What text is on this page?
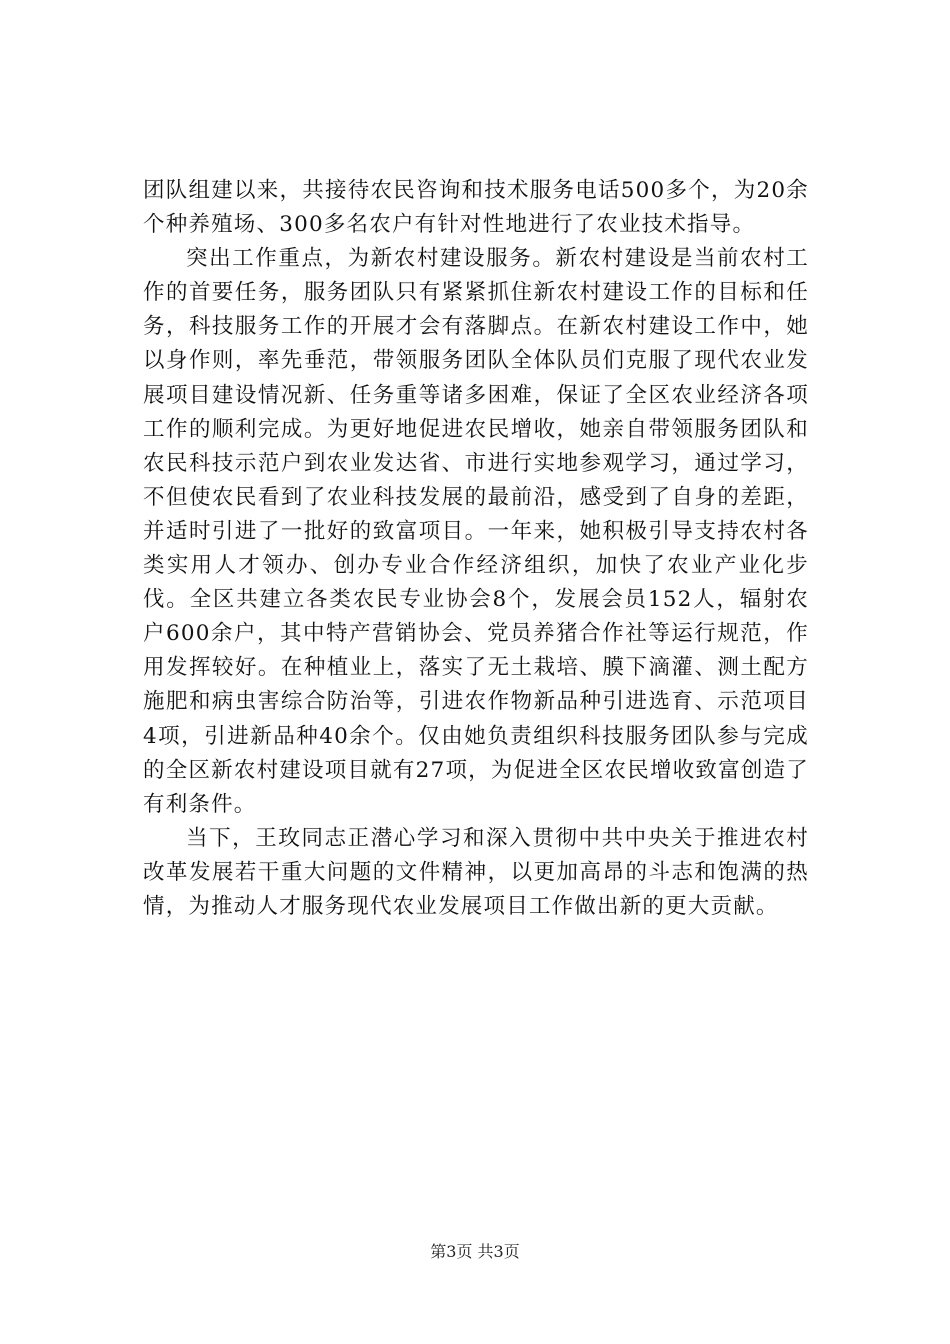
团队组建以来，共接待农民咨询和技术服务电话500多个，为20余个种养殖场、300多名农户有针对性地进行了农业技术指导。

突出工作重点，为新农村建设服务。新农村建设是当前农村工作的首要任务，服务团队只有紧紧抓住新农村建设工作的目标和任务，科技服务工作的开展才会有落脚点。在新农村建设工作中，她以身作则，率先垂范，带领服务团队全体队员们克服了现代农业发展项目建设情况新、任务重等诸多困难，保证了全区农业经济各项工作的顺利完成。为更好地促进农民增收，她亲自带领服务团队和农民科技示范户到农业发达省、市进行实地参观学习，通过学习，不但使农民看到了农业科技发展的最前沿，感受到了自身的差距，并适时引进了一批好的致富项目。一年来，她积极引导支持农村各类实用人才领办、创办专业合作经济组织，加快了农业产业化步伐。全区共建立各类农民专业协会8个，发展会员152人，辐射农户600余户，其中特产营销协会、党员养猪合作社等运行规范，作用发挥较好。在种植业上，落实了无土栽培、膜下滴灌、测土配方施肥和病虫害综合防治等，引进农作物新品种引进选育、示范项目4项，引进新品种40余个。仅由她负责组织科技服务团队参与完成的全区新农村建设项目就有27项，为促进全区农民增收致富创造了有利条件。

当下，王玫同志正潜心学习和深入贯彻中共中央关于推进农村改革发展若干重大问题的文件精神，以更加高昂的斗志和饱满的热情，为推动人才服务现代农业发展项目工作做出新的更大贡献。

第3页 共3页
